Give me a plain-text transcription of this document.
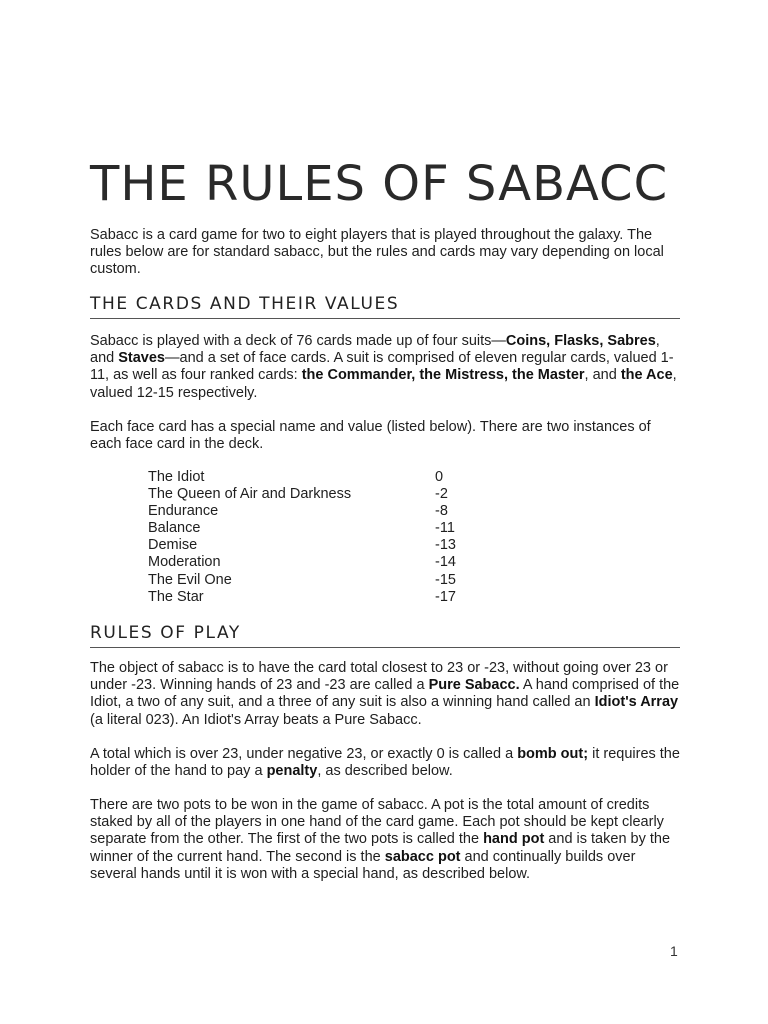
THE RULES OF SABACC

Sabacc is a card game for two to eight players that is played throughout the galaxy. The rules below are for standard sabacc, but the rules and cards may vary depending on local custom.

THE CARDS AND THEIR VALUES

Sabacc is played with a deck of 76 cards made up of four suits—Coins, Flasks, Sabres, and Staves—and a set of face cards. A suit is comprised of eleven regular cards, valued 1-11, as well as four ranked cards: the Commander, the Mistress, the Master, and the Ace, valued 12-15 respectively.

Each face card has a special name and value (listed below). There are two instances of each face card in the deck.

The Idiot	0
The Queen of Air and Darkness	-2
Endurance	-8
Balance	-11
Demise	-13
Moderation	-14
The Evil One	-15
The Star	-17
RULES OF PLAY

The object of sabacc is to have the card total closest to 23 or -23, without going over 23 or under -23. Winning hands of 23 and -23 are called a Pure Sabacc. A hand comprised of the Idiot, a two of any suit, and a three of any suit is also a winning hand called an Idiot's Array (a literal 023). An Idiot's Array beats a Pure Sabacc.

A total which is over 23, under negative 23, or exactly 0 is called a bomb out; it requires the holder of the hand to pay a penalty, as described below.

There are two pots to be won in the game of sabacc. A pot is the total amount of credits staked by all of the players in one hand of the card game. Each pot should be kept clearly separate from the other. The first of the two pots is called the hand pot and is taken by the winner of the current hand. The second is the sabacc pot and continually builds over several hands until it is won with a special hand, as described below.

1
